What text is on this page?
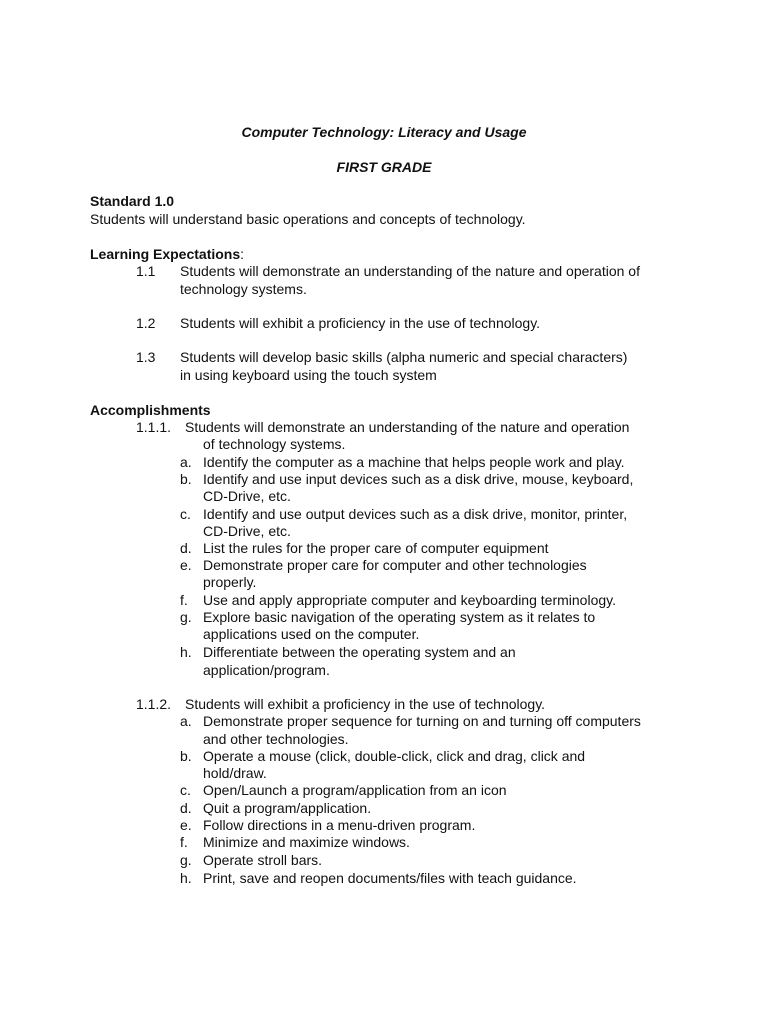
Computer Technology: Literacy and Usage
FIRST GRADE
Standard 1.0
Students will understand basic operations and concepts of technology.
Learning Expectations:
1.1 Students will demonstrate an understanding of the nature and operation of
technology systems.
1.2 Students will exhibit a proficiency in the use of technology.
1.3 Students will develop basic skills (alpha numeric and special characters)
in using keyboard using the touch system
Accomplishments
1.1.1. Students will demonstrate an understanding of the nature and operation
of technology systems.
a. Identify the computer as a machine that helps people work and play.
b. Identify and use input devices such as a disk drive, mouse, keyboard,
CD-Drive, etc.
c. Identify and use output devices such as a disk drive, monitor, printer,
CD-Drive, etc.
d. List the rules for the proper care of computer equipment
e. Demonstrate proper care for computer and other technologies
properly.
f. Use and apply appropriate computer and keyboarding terminology.
g. Explore basic navigation of the operating system as it relates to
applications used on the computer.
h. Differentiate between the operating system and an
application/program.
1.1.2. Students will exhibit a proficiency in the use of technology.
a. Demonstrate proper sequence for turning on and turning off computers
and other technologies.
b. Operate a mouse (click, double-click, click and drag, click and
hold/draw.
c. Open/Launch a program/application from an icon
d. Quit a program/application.
e. Follow directions in a menu-driven program.
f. Minimize and maximize windows.
g. Operate stroll bars.
h. Print, save and reopen documents/files with teach guidance.
